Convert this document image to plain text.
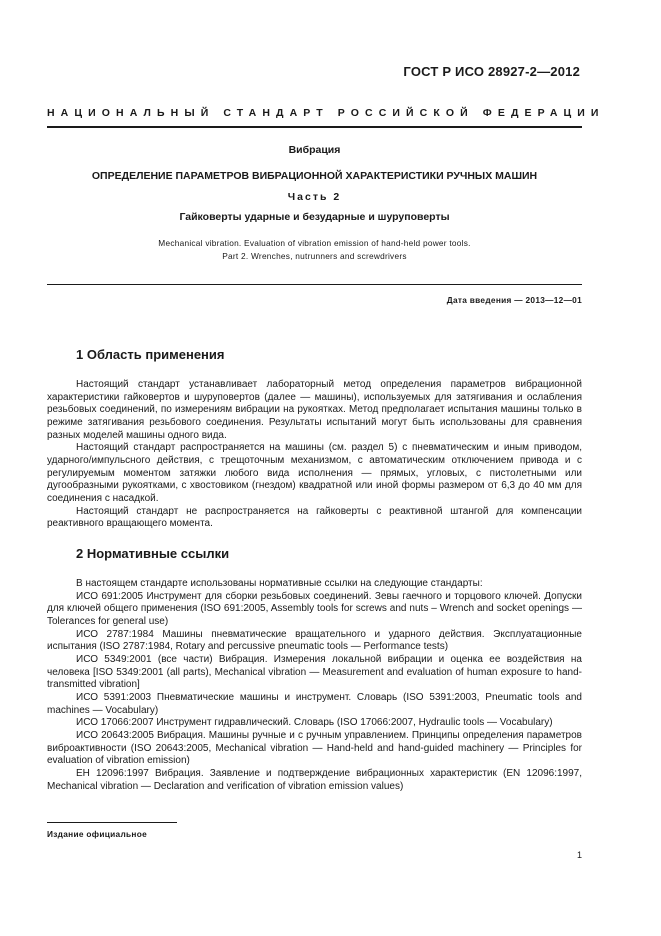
ГОСТ Р ИСО 28927-2—2012
НАЦИОНАЛЬНЫЙ СТАНДАРТ РОССИЙСКОЙ ФЕДЕРАЦИИ
Вибрация
ОПРЕДЕЛЕНИЕ ПАРАМЕТРОВ ВИБРАЦИОННОЙ ХАРАКТЕРИСТИКИ РУЧНЫХ МАШИН
Часть 2
Гайковерты ударные и безударные и шуруповерты
Mechanical vibration. Evaluation of vibration emission of hand-held power tools.
Part 2. Wrenches, nutrunners and screwdrivers
Дата введения — 2013—12—01
1 Область применения

Настоящий стандарт устанавливает лабораторный метод определения параметров вибрационной характеристики гайковертов и шуруповертов (далее — машины), используемых для затягивания и ослабления резьбовых соединений, по измерениям вибрации на рукоятках. Метод предполагает испытания машины только в режиме затягивания резьбового соединения. Результаты испытаний могут быть использованы для сравнения разных моделей машины одного вида.

Настоящий стандарт распространяется на машины (см. раздел 5) с пневматическим и иным приводом, ударного/импульсного действия, с трещоточным механизмом, с автоматическим отключением привода и с регулируемым моментом затяжки любого вида исполнения — прямых, угловых, с пистолетными или дугообразными рукоятками, с хвостовиком (гнездом) квадратной или иной формы размером от 6,3 до 40 мм для соединения с насадкой.

Настоящий стандарт не распространяется на гайковерты с реактивной штангой для компенсации реактивного вращающего момента.

2 Нормативные ссылки

В настоящем стандарте использованы нормативные ссылки на следующие стандарты:

ИСО 691:2005 Инструмент для сборки резьбовых соединений. Зевы гаечного и торцового ключей. Допуски для ключей общего применения (ISO 691:2005, Assembly tools for screws and nuts – Wrench and socket openings — Tolerances for general use)

ИСО 2787:1984 Машины пневматические вращательного и ударного действия. Эксплуатационные испытания (ISO 2787:1984, Rotary and percussive pneumatic tools — Performance tests)

ИСО 5349:2001 (все части) Вибрация. Измерения локальной вибрации и оценка ее воздействия на человека [ISO 5349:2001 (all parts), Mechanical vibration — Measurement and evaluation of human exposure to hand-transmitted vibration]

ИСО 5391:2003 Пневматические машины и инструмент. Словарь (ISO 5391:2003, Pneumatic tools and machines — Vocabulary)

ИСО 17066:2007 Инструмент гидравлический. Словарь (ISO 17066:2007, Hydraulic tools — Vocabulary)

ИСО 20643:2005 Вибрация. Машины ручные и с ручным управлением. Принципы определения параметров виброактивности (ISO 20643:2005, Mechanical vibration — Hand-held and hand-guided machinery — Principles for evaluation of vibration emission)

ЕН 12096:1997 Вибрация. Заявление и подтверждение вибрационных характеристик (EN 12096:1997, Mechanical vibration — Declaration and verification of vibration emission values)

Издание официальное
1
